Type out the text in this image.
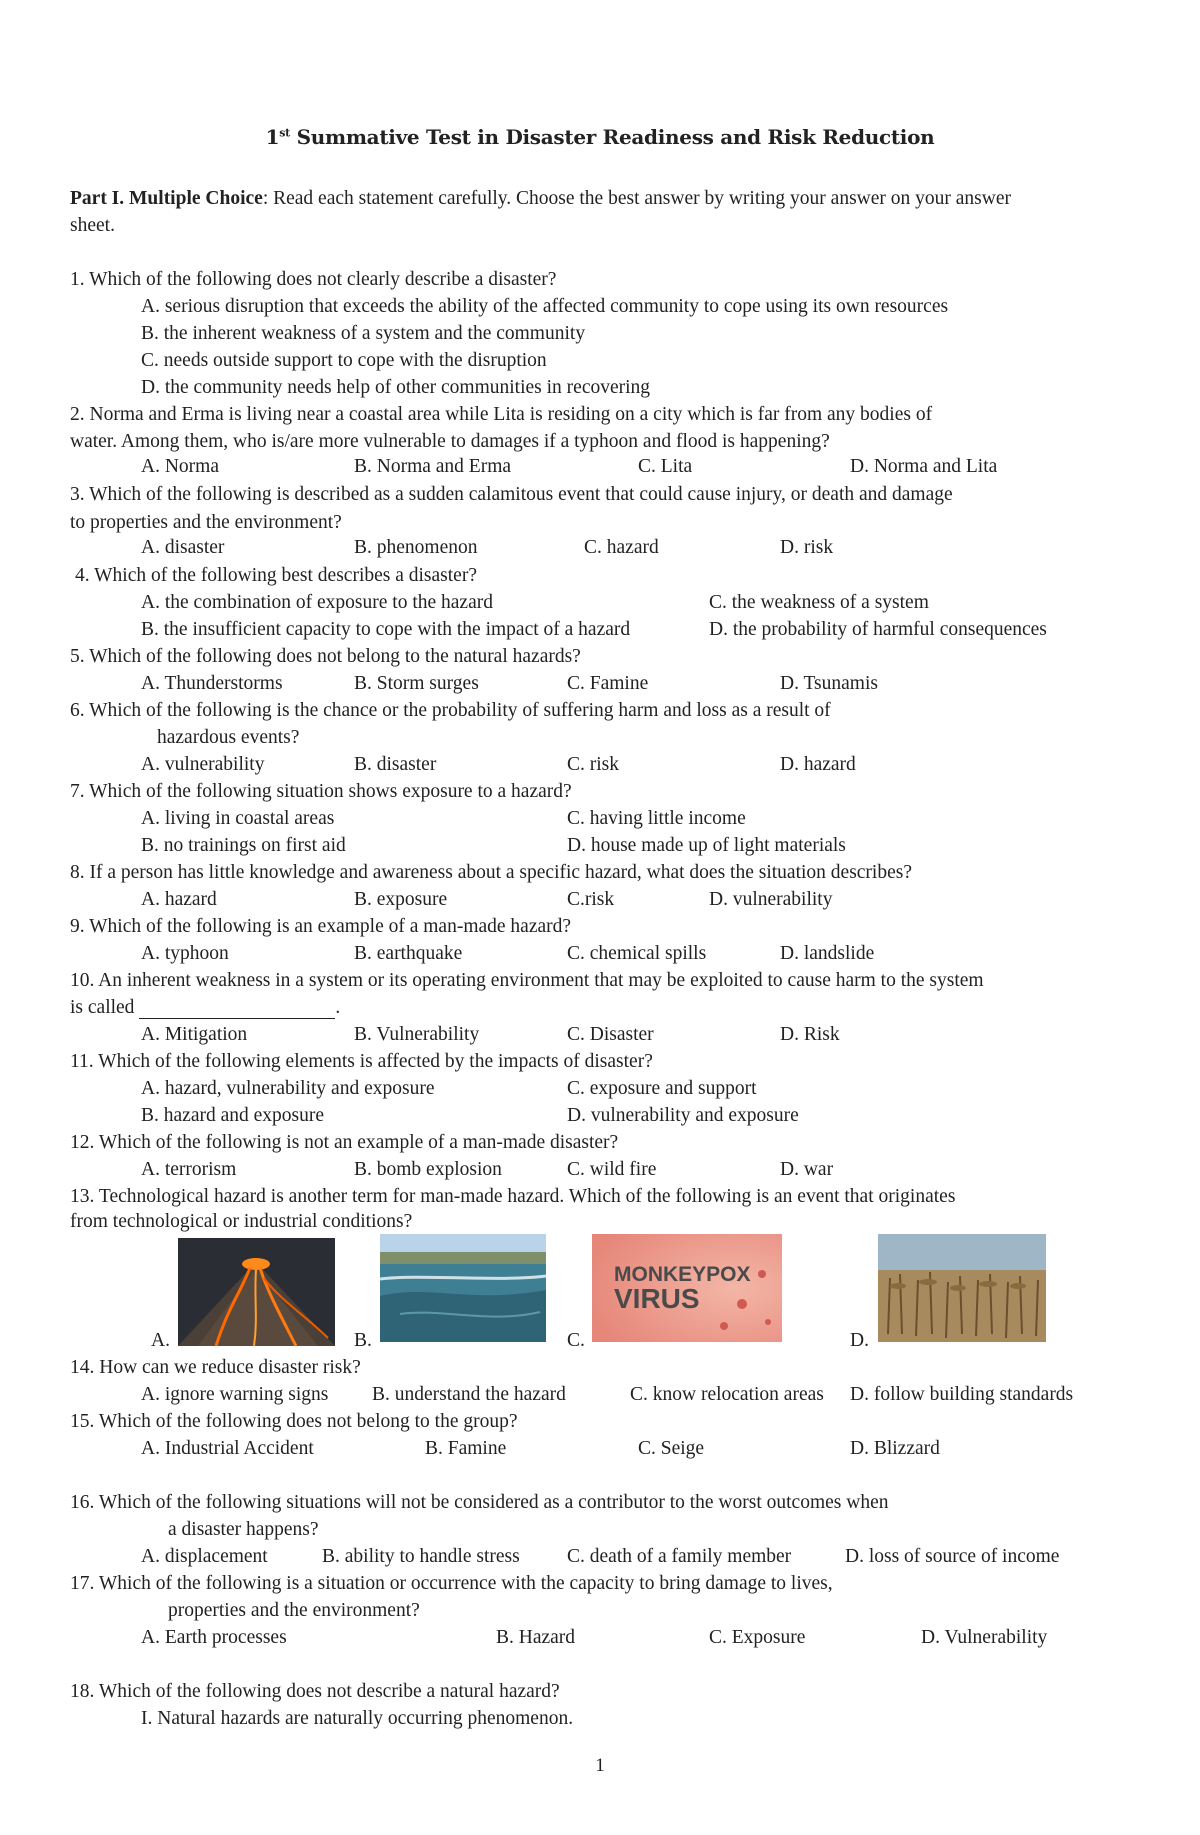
1st Summative Test in Disaster Readiness and Risk Reduction
Part I. Multiple Choice: Read each statement carefully. Choose the best answer by writing your answer on your answer
sheet.
1. Which of the following does not clearly describe a disaster?
A. serious disruption that exceeds the ability of the affected community to cope using its own resources
B. the inherent weakness of a system and the community
C. needs outside support to cope with the disruption
D. the community needs help of other communities in recovering
2. Norma and Erma is living near a coastal area while Lita is residing on a city which is far from any bodies of
water. Among them, who is/are more vulnerable to damages if a typhoon and flood is happening?
A. Norma	B. Norma and Erma	C. Lita	D. Norma and Lita
3. Which of the following is described as a sudden calamitous event that could cause injury, or death and damage
to properties and the environment?
A. disaster	B. phenomenon	C. hazard	D. risk
4. Which of the following best describes a disaster?
A. the combination of exposure to the hazard	C. the weakness of a system
B. the insufficient capacity to cope with the impact of a hazard	D. the probability of harmful consequences
5. Which of the following does not belong to the natural hazards?
A. Thunderstorms	B. Storm surges	C. Famine	D. Tsunamis
6. Which of the following is the chance or the probability of suffering harm and loss as a result of
hazardous events?
A. vulnerability	B. disaster	C. risk	D. hazard
7. Which of the following situation shows exposure to a hazard?
A. living in coastal areas	C. having little income
B. no trainings on first aid	D. house made up of light materials
8. If a person has little knowledge and awareness about a specific hazard, what does the situation describes?
A. hazard	B. exposure	C.risk	D. vulnerability
9. Which of the following is an example of a man-made hazard?
A. typhoon	B. earthquake	C. chemical spills	D. landslide
10. An inherent weakness in a system or its operating environment that may be exploited to cause harm to the system
is called	.
A. Mitigation	B. Vulnerability	C. Disaster	D. Risk
11. Which of the following elements is affected by the impacts of disaster?
A. hazard, vulnerability and exposure	C. exposure and support
B. hazard and exposure	D. vulnerability and exposure
12. Which of the following is not an example of a man-made disaster?
A. terrorism	B. bomb explosion	C. wild fire	D. war
13. Technological hazard is another term for man-made hazard. Which of the following is an event that originates
from technological or industrial conditions?
MONKEYPOX
VIRUS
A.	B.	C.	D.
14. How can we reduce disaster risk?
A. ignore warning signs B. understand the hazard	C. know relocation areas D. follow building standards
15. Which of the following does not belong to the group?
A. Industrial Accident	B. Famine	C. Seige	D. Blizzard
16. Which of the following situations will not be considered as a contributor to the worst outcomes when
a disaster happens?
A. displacement	B. ability to handle stress C. death of a family member	D. loss of source of income
17. Which of the following is a situation or occurrence with the capacity to bring damage to lives,
properties and the environment?
A. Earth processes	B. Hazard	C. Exposure	D. Vulnerability
18. Which of the following does not describe a natural hazard?
I. Natural hazards are naturally occurring phenomenon.
1
